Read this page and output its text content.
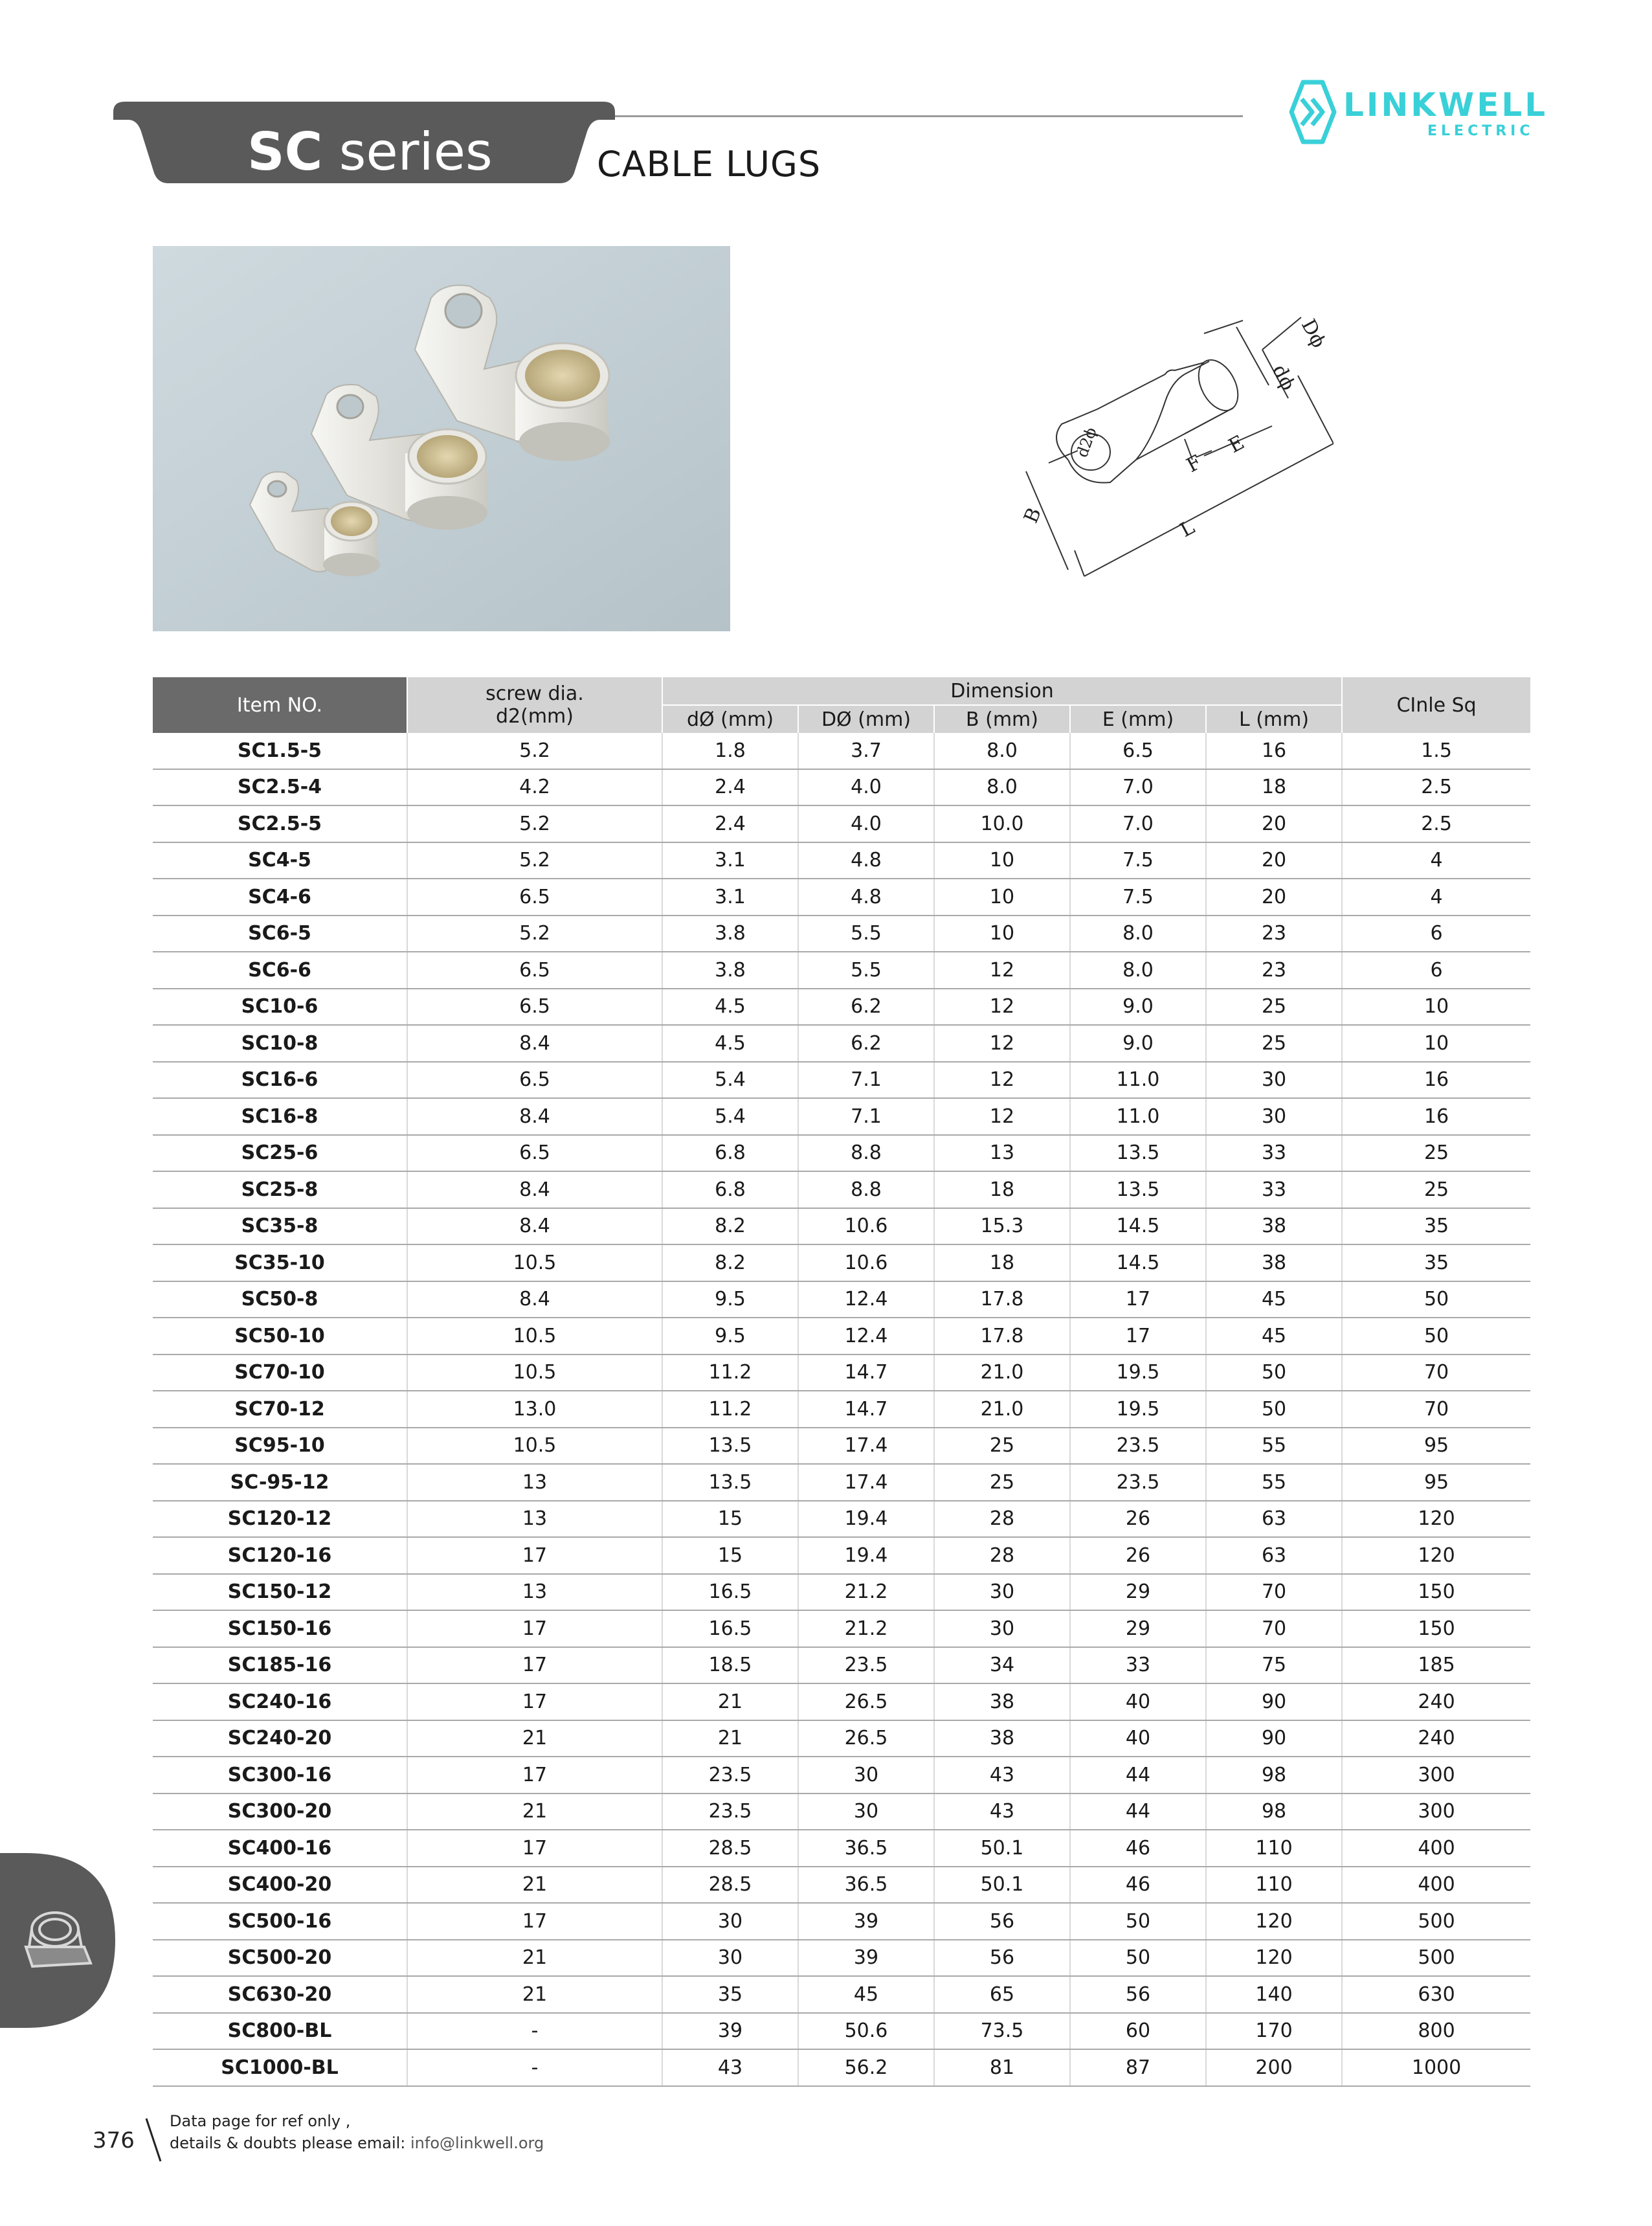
SC series	CABLE LUGS
LINKWELL
ELECTRIC
B
d2ϕ
F
E
L
dϕ
Dϕ
Item NO.	screw dia.
d2(mm)	Dimension					CInle Sq
		dØ (mm)	DØ (mm)	B (mm)	E (mm)	L (mm)	
SC1.5-5	5.2	1.8	3.7	8.0	6.5	16	1.5
SC2.5-4	4.2	2.4	4.0	8.0	7.0	18	2.5
SC2.5-5	5.2	2.4	4.0	10.0	7.0	20	2.5
SC4-5	5.2	3.1	4.8	10	7.5	20	4
SC4-6	6.5	3.1	4.8	10	7.5	20	4
SC6-5	5.2	3.8	5.5	10	8.0	23	6
SC6-6	6.5	3.8	5.5	12	8.0	23	6
SC10-6	6.5	4.5	6.2	12	9.0	25	10
SC10-8	8.4	4.5	6.2	12	9.0	25	10
SC16-6	6.5	5.4	7.1	12	11.0	30	16
SC16-8	8.4	5.4	7.1	12	11.0	30	16
SC25-6	6.5	6.8	8.8	13	13.5	33	25
SC25-8	8.4	6.8	8.8	18	13.5	33	25
SC35-8	8.4	8.2	10.6	15.3	14.5	38	35
SC35-10	10.5	8.2	10.6	18	14.5	38	35
SC50-8	8.4	9.5	12.4	17.8	17	45	50
SC50-10	10.5	9.5	12.4	17.8	17	45	50
SC70-10	10.5	11.2	14.7	21.0	19.5	50	70
SC70-12	13.0	11.2	14.7	21.0	19.5	50	70
SC95-10	10.5	13.5	17.4	25	23.5	55	95
SC-95-12	13	13.5	17.4	25	23.5	55	95
SC120-12	13	15	19.4	28	26	63	120
SC120-16	17	15	19.4	28	26	63	120
SC150-12	13	16.5	21.2	30	29	70	150
SC150-16	17	16.5	21.2	30	29	70	150
SC185-16	17	18.5	23.5	34	33	75	185
SC240-16	17	21	26.5	38	40	90	240
SC240-20	21	21	26.5	38	40	90	240
SC300-16	17	23.5	30	43	44	98	300
SC300-20	21	23.5	30	43	44	98	300
SC400-16	17	28.5	36.5	50.1	46	110	400
SC400-20	21	28.5	36.5	50.1	46	110	400
SC500-16	17	30	39	56	50	120	500
SC500-20	21	30	39	56	50	120	500
SC630-20	21	35	45	65	56	140	630
SC800-BL	-	39	50.6	73.5	60	170	800
SC1000-BL	-	43	56.2	81	87	200	1000
376
Data page for ref only ,
details & doubts please email: info@linkwell.org
